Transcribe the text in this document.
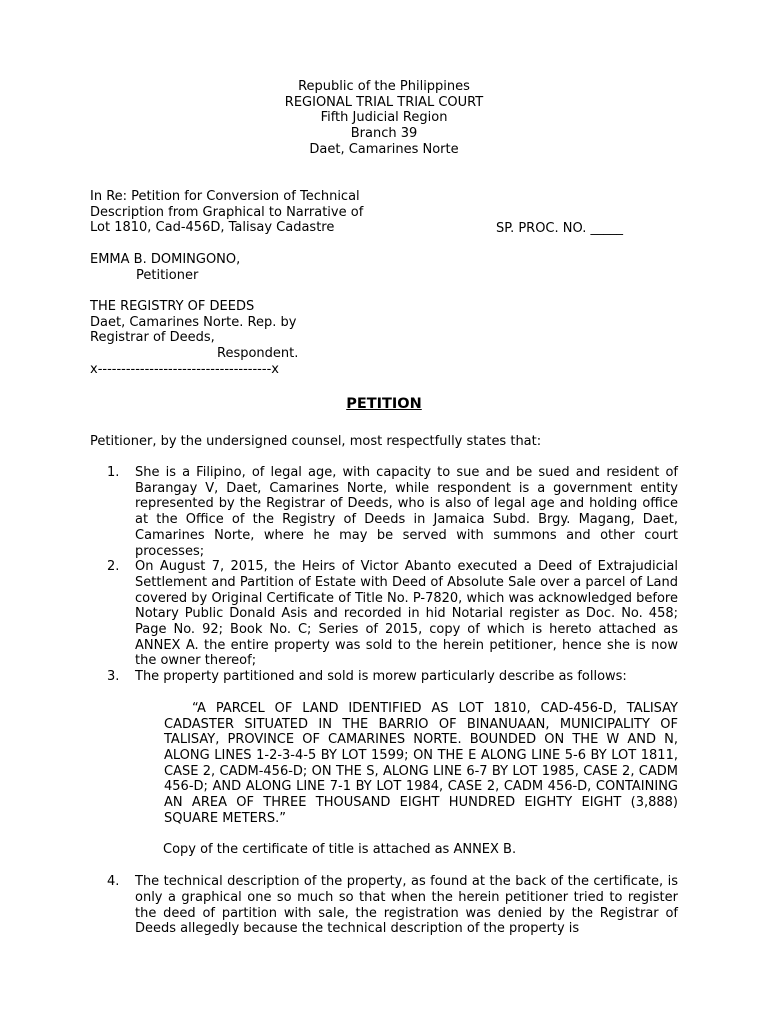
Republic of the Philippines
REGIONAL TRIAL TRIAL COURT
Fifth Judicial Region
Branch 39
Daet, Camarines Norte
In Re: Petition for Conversion of Technical
Description from Graphical to Narrative of
Lot 1810, Cad-456D, Talisay Cadastre	SP. PROC. NO. _____
EMMA B. DOMINGONO,
Petitioner
THE REGISTRY OF DEEDS
Daet, Camarines Norte. Rep. by
Registrar of Deeds,
Respondent.
x-------------------------------------x
PETITION
Petitioner, by the undersigned counsel, most respectfully states that:
1. She is a Filipino, of legal age, with capacity to sue and be sued and resident of Barangay V, Daet, Camarines Norte, while respondent is a government entity represented by the Registrar of Deeds, who is also of legal age and holding office at the Office of the Registry of Deeds in Jamaica Subd. Brgy. Magang, Daet, Camarines Norte, where he may be served with summons and other court processes;

2. On August 7, 2015, the Heirs of Victor Abanto executed a Deed of Extrajudicial Settlement and Partition of Estate with Deed of Absolute Sale over a parcel of Land covered by Original Certificate of Title No. P-7820, which was acknowledged before Notary Public Donald Asis and recorded in hid Notarial register as Doc. No. 458; Page No. 92; Book No. C; Series of 2015, copy of which is hereto attached as ANNEX A. the entire property was sold to the herein petitioner, hence she is now the owner thereof;

3. The property partitioned and sold is morew particularly describe as follows:

“A PARCEL OF LAND IDENTIFIED AS LOT 1810, CAD-456-D, TALISAY CADASTER SITUATED IN THE BARRIO OF BINANUAAN, MUNICIPALITY OF TALISAY, PROVINCE OF CAMARINES NORTE. BOUNDED ON THE W AND N, ALONG LINES 1-2-3-4-5 BY LOT 1599; ON THE E ALONG LINE 5-6 BY LOT 1811, CASE 2, CADM-456-D; ON THE S, ALONG LINE 6-7 BY LOT 1985, CASE 2, CADM 456-D; AND ALONG LINE 7-1 BY LOT 1984, CASE 2, CADM 456-D, CONTAINING AN AREA OF THREE THOUSAND EIGHT HUNDRED EIGHTY EIGHT (3,888) SQUARE METERS.”

Copy of the certificate of title is attached as ANNEX B.

4. The technical description of the property, as found at the back of the certificate, is only a graphical one so much so that when the herein petitioner tried to register the deed of partition with sale, the registration was denied by the Registrar of Deeds allegedly because the technical description of the property is
